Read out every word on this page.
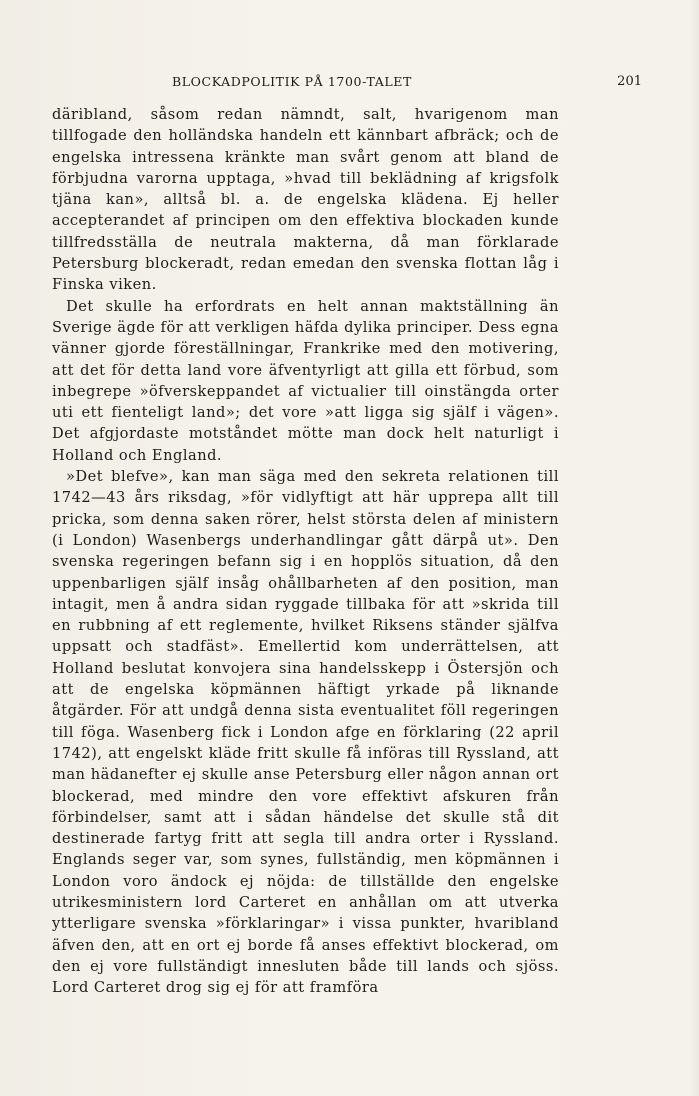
BLOCKADPOLITIK PÅ 1700-TALET	201

däribland, såsom redan nämndt, salt, hvarigenom man tillfogade den holländska handeln ett kännbart afbräck; och de engelska intressena kränkte man svårt genom att bland de förbjudna varorna upptaga, »hvad till beklädning af krigsfolk tjäna kan», alltså bl. a. de engelska klädena. Ej heller accepterandet af principen om den effektiva blockaden kunde tillfredsställa de neutrala makterna, då man förklarade Petersburg blockeradt, redan emedan den svenska flottan låg i Finska viken.

Det skulle ha erfordrats en helt annan maktställning än Sverige ägde för att verkligen häfda dylika principer. Dess egna vänner gjorde föreställningar, Frankrike med den motivering, att det för detta land vore äfventyrligt att gilla ett förbud, som inbegrepe »öfverskeppandet af victualier till oinstängda orter uti ett fienteligt land»; det vore »att ligga sig själf i vägen». Det afgjordaste motståndet mötte man dock helt naturligt i Holland och England.

»Det blefve», kan man säga med den sekreta relationen till 1742—43 års riksdag, »för vidlyftigt att här upprepa allt till pricka, som denna saken rörer, helst största delen af ministern (i London) Wasenbergs underhandlingar gått därpå ut». Den svenska regeringen befann sig i en hopplös situation, då den uppenbarligen själf insåg ohållbarheten af den position, man intagit, men å andra sidan ryggade tillbaka för att »skrida till en rubbning af ett reglemente, hvilket Riksens ständer själfva uppsatt och stadfäst». Emellertid kom underrättelsen, att Holland beslutat konvojera sina handelsskepp i Östersjön och att de engelska köpmännen häftigt yrkade på liknande åtgärder. För att undgå denna sista eventualitet föll regeringen till föga. Wasenberg fick i London afge en förklaring (22 april 1742), att engelskt kläde fritt skulle få införas till Ryssland, att man hädanefter ej skulle anse Petersburg eller någon annan ort blockerad, med mindre den vore effektivt afskuren från förbindelser, samt att i sådan händelse det skulle stå dit destinerade fartyg fritt att segla till andra orter i Ryssland. Englands seger var, som synes, fullständig, men köpmännen i London voro ändock ej nöjda: de tillställde den engelske utrikesministern lord Carteret en anhållan om att utverka ytterligare svenska »förklaringar» i vissa punkter, hvaribland äfven den, att en ort ej borde få anses effektivt blockerad, om den ej vore fullständigt innesluten både till lands och sjöss. Lord Carteret drog sig ej för att framföra
